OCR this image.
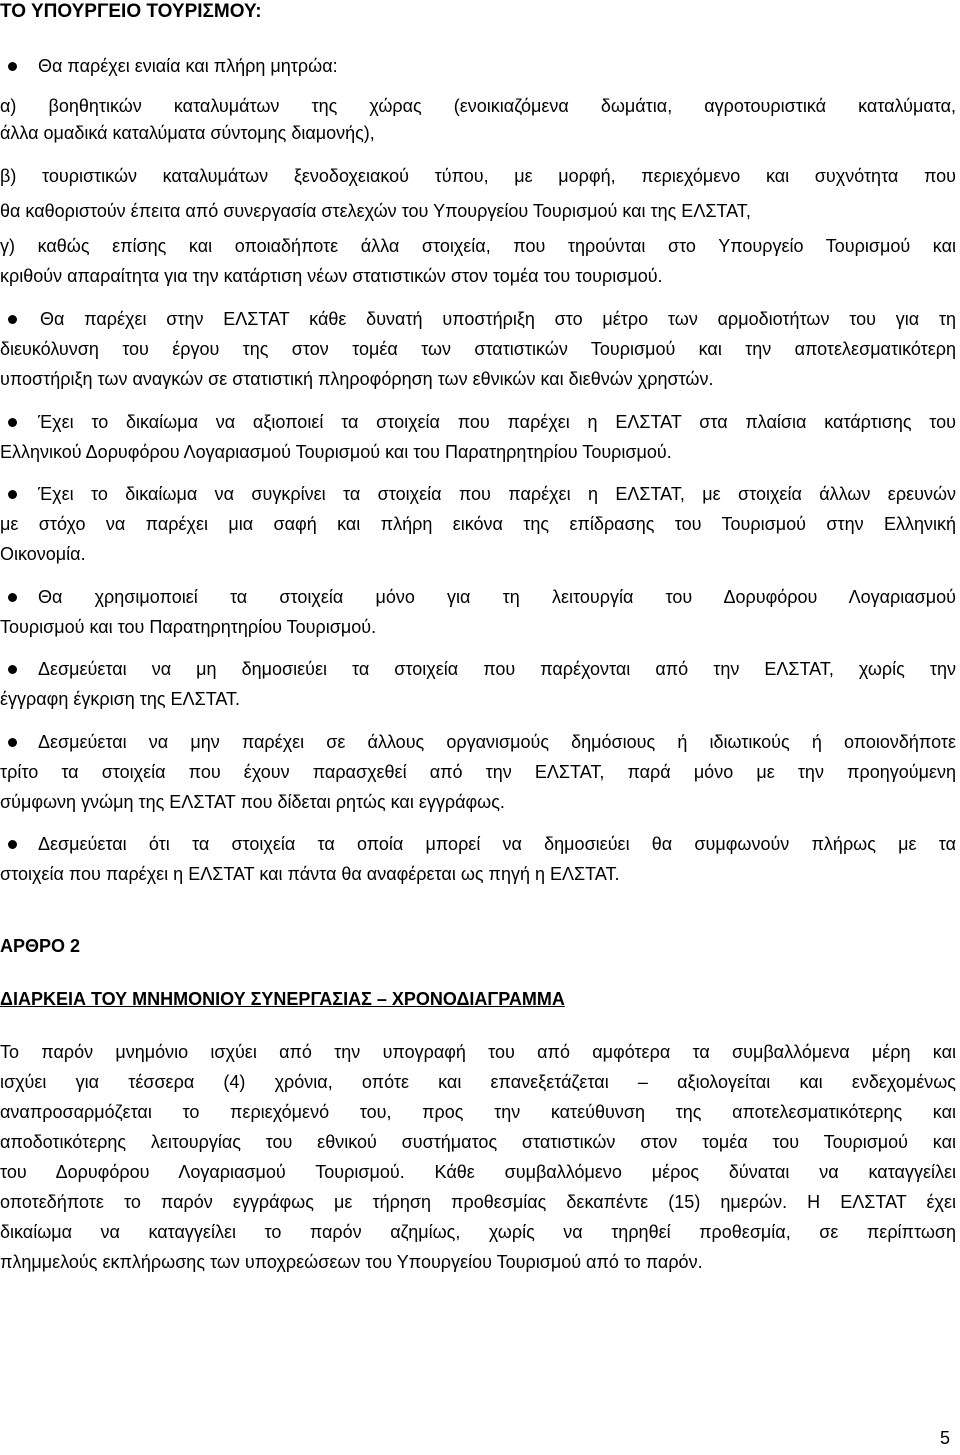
ΤΟ ΥΠΟΥΡΓΕΙΟ ΤΟΥΡΙΣΜΟΥ:
Θα παρέχει ενιαία και πλήρη μητρώα:
α) βοηθητικών καταλυμάτων της χώρας (ενοικιαζόμενα δωμάτια, αγροτουριστικά καταλύματα,
άλλα ομαδικά καταλύματα σύντομης διαμονής),
β) τουριστικών καταλυμάτων ξενοδοχειακού τύπου, με μορφή, περιεχόμενο και συχνότητα που
θα καθοριστούν έπειτα από συνεργασία στελεχών του Υπουργείου Τουρισμού και της ΕΛΣΤΑΤ,
γ) καθώς επίσης και οποιαδήποτε άλλα στοιχεία, που τηρούνται στο Υπουργείο Τουρισμού και
κριθούν απαραίτητα για την κατάρτιση νέων στατιστικών στον τομέα του τουρισμού.
Θα παρέχει στην ΕΛΣΤΑΤ κάθε δυνατή υποστήριξη στο μέτρο των αρμοδιοτήτων του για τη
διευκόλυνση του έργου της στον τομέα των στατιστικών Τουρισμού και την αποτελεσματικότερη
υποστήριξη των αναγκών σε στατιστική πληροφόρηση των εθνικών και διεθνών χρηστών.
Έχει το δικαίωμα να αξιοποιεί τα στοιχεία που παρέχει η ΕΛΣΤΑΤ στα πλαίσια κατάρτισης του
Ελληνικού Δορυφόρου Λογαριασμού Τουρισμού και του Παρατηρητηρίου Τουρισμού.
Έχει το δικαίωμα να συγκρίνει τα στοιχεία που παρέχει η ΕΛΣΤΑΤ, με στοιχεία άλλων ερευνών
με στόχο να παρέχει μια σαφή και πλήρη εικόνα της επίδρασης του Τουρισμού στην Ελληνική
Οικονομία.
Θα χρησιμοποιεί τα στοιχεία μόνο για τη λειτουργία του Δορυφόρου Λογαριασμού
Τουρισμού και του Παρατηρητηρίου Τουρισμού.
Δεσμεύεται να μη δημοσιεύει τα στοιχεία που παρέχονται από την ΕΛΣΤΑΤ, χωρίς την
έγγραφη έγκριση της ΕΛΣΤΑΤ.
Δεσμεύεται να μην παρέχει σε άλλους οργανισμούς δημόσιους ή ιδιωτικούς ή οποιονδήποτε
τρίτο τα στοιχεία που έχουν παρασχεθεί από την ΕΛΣΤΑΤ, παρά μόνο με την προηγούμενη
σύμφωνη γνώμη της ΕΛΣΤΑΤ που δίδεται ρητώς και εγγράφως.
Δεσμεύεται ότι τα στοιχεία τα οποία μπορεί να δημοσιεύει θα συμφωνούν πλήρως με τα
στοιχεία που παρέχει η ΕΛΣΤΑΤ και πάντα θα αναφέρεται ως πηγή η ΕΛΣΤΑΤ.
ΑΡΘΡΟ 2
ΔΙΑΡΚΕΙΑ ΤΟΥ ΜΝΗΜΟΝΙΟΥ ΣΥΝΕΡΓΑΣΙΑΣ – ΧΡΟΝΟΔΙΑΓΡΑΜΜΑ
Το παρόν μνημόνιο ισχύει από την υπογραφή του από αμφότερα τα συμβαλλόμενα μέρη και
ισχύει για τέσσερα (4) χρόνια, οπότε και επανεξετάζεται – αξιολογείται και ενδεχομένως
αναπροσαρμόζεται το περιεχόμενό του, προς την κατεύθυνση της αποτελεσματικότερης και
αποδοτικότερης λειτουργίας του εθνικού συστήματος στατιστικών στον τομέα του Τουρισμού και
του Δορυφόρου Λογαριασμού Τουρισμού. Κάθε συμβαλλόμενο μέρος δύναται να καταγγείλει
οποτεδήποτε το παρόν εγγράφως με τήρηση προθεσμίας δεκαπέντε (15) ημερών. Η ΕΛΣΤΑΤ έχει
δικαίωμα να καταγγείλει το παρόν αζημίως, χωρίς να τηρηθεί προθεσμία, σε περίπτωση
πλημμελούς εκπλήρωσης των υποχρεώσεων του Υπουργείου Τουρισμού από το παρόν.
5
